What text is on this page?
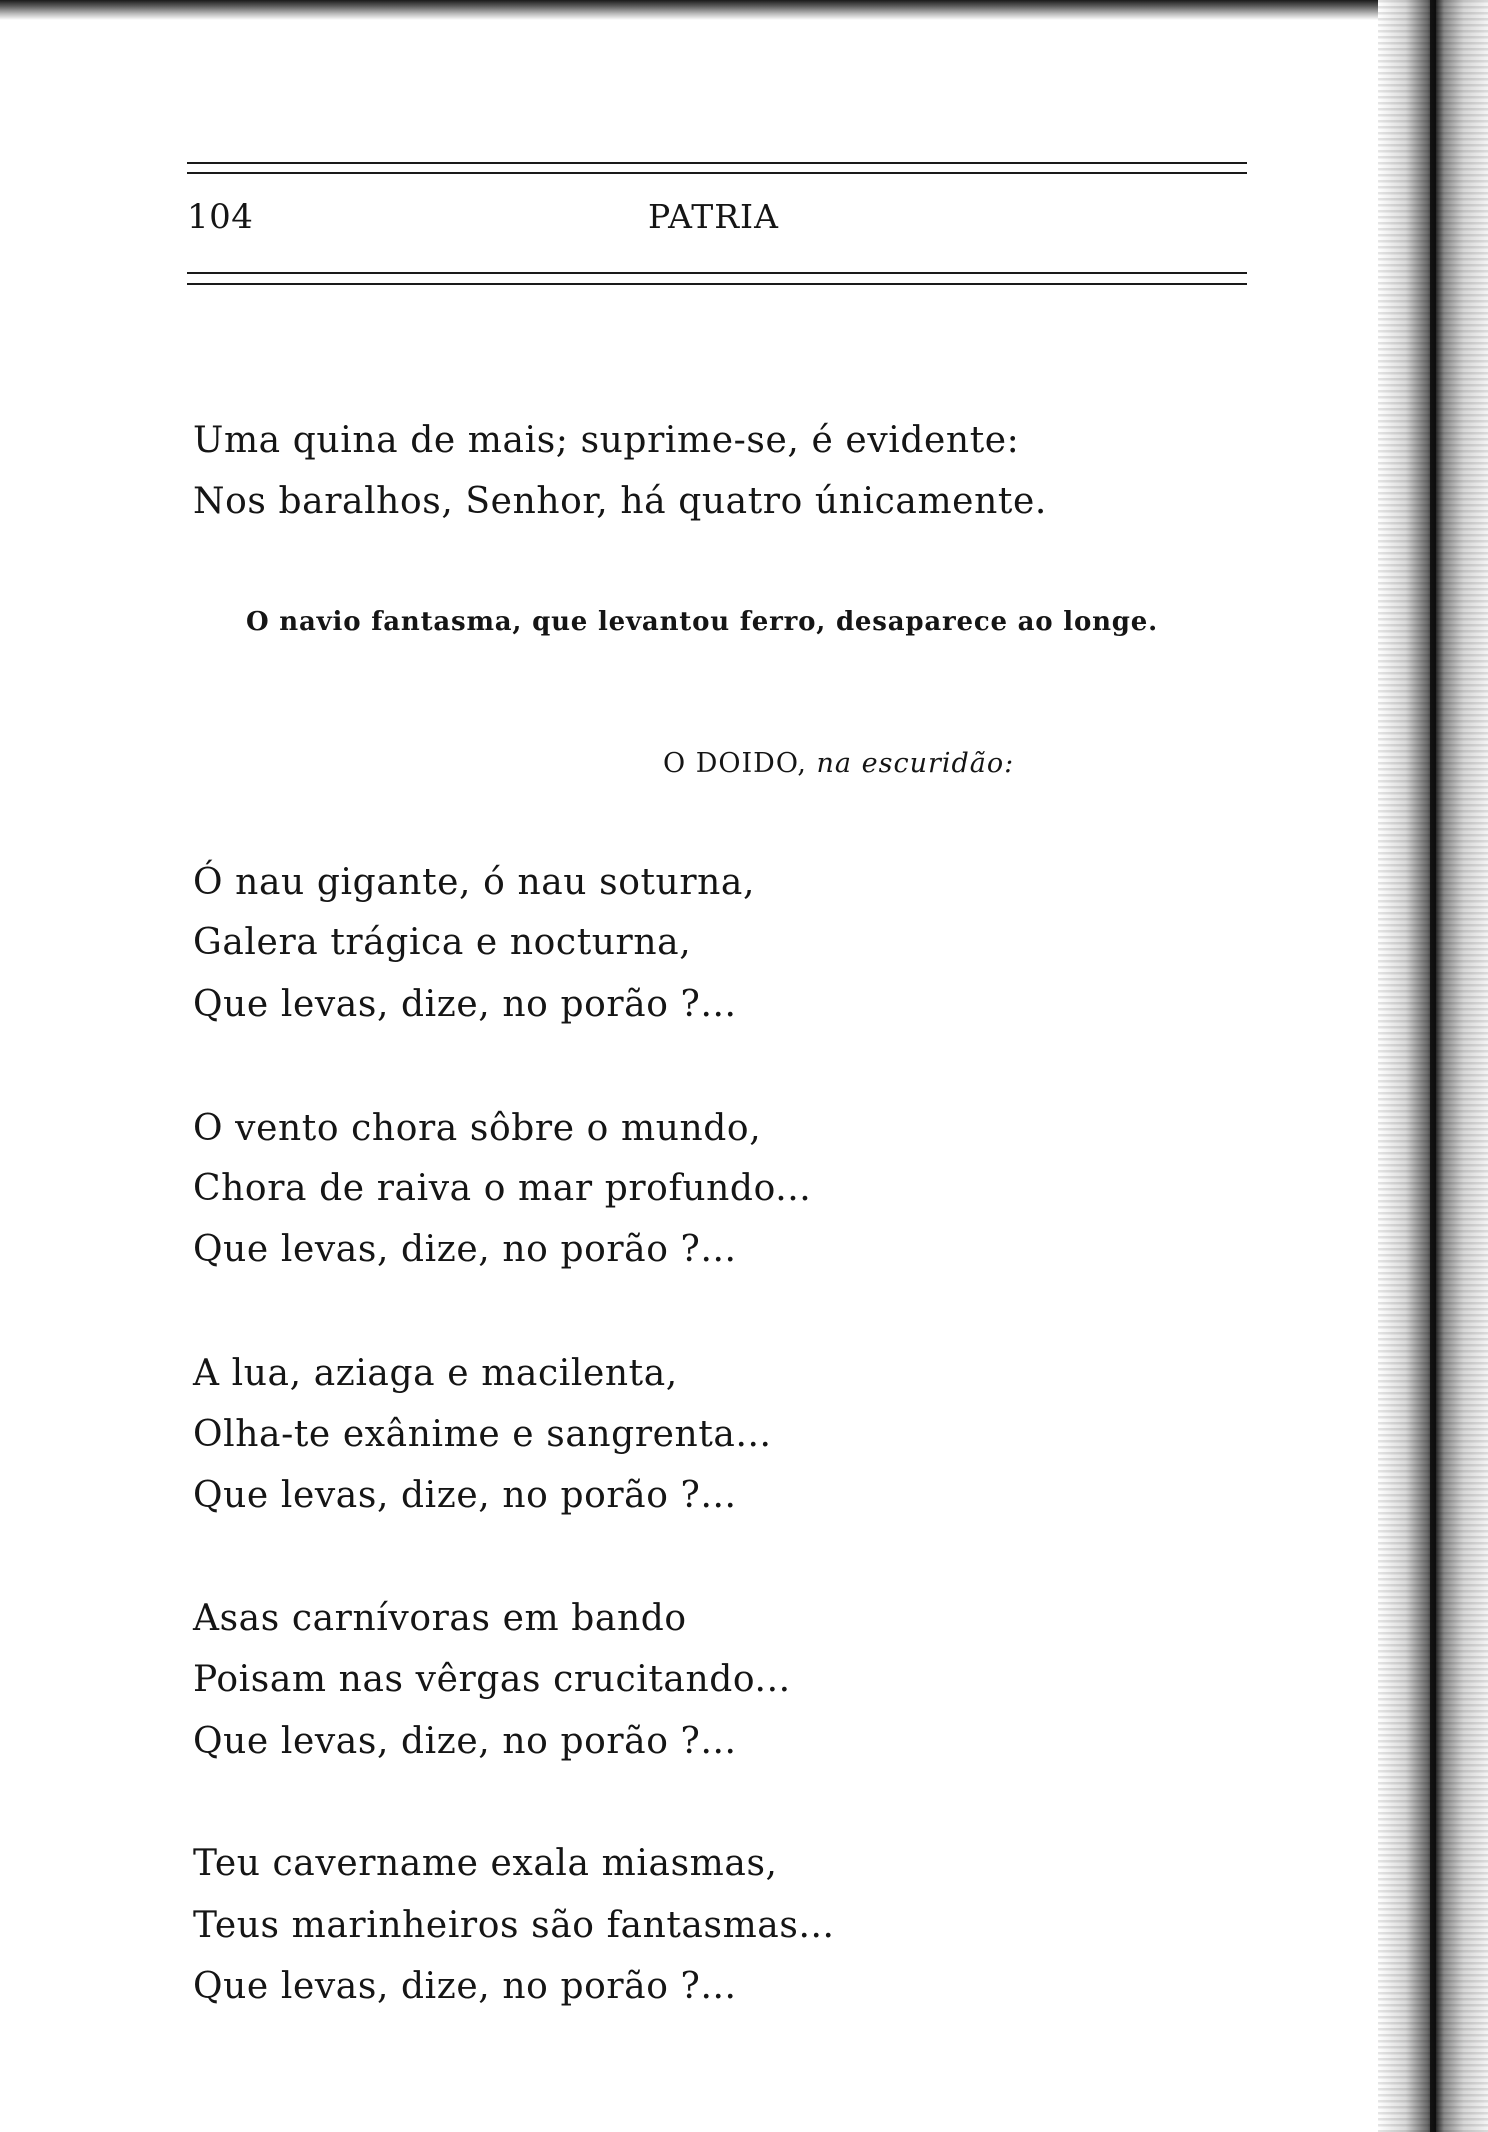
104	PATRIA
Uma quina de mais; suprime-se, é evidente:
Nos baralhos, Senhor, há quatro únicamente.
O navio fantasma, que levantou ferro, desaparece ao longe.
O DOIDO, na escuridão:
Ó nau gigante, ó nau soturna,
Galera trágica e nocturna,
Que levas, dize, no porão ?...
O vento chora sôbre o mundo,
Chora de raiva o mar profundo...
Que levas, dize, no porão ?...
A lua, aziaga e macilenta,
Olha-te exânime e sangrenta...
Que levas, dize, no porão ?...
Asas carnívoras em bando
Poisam nas vêrgas crucitando...
Que levas, dize, no porão ?...
Teu cavername exala miasmas,
Teus marinheiros são fantasmas...
Que levas, dize, no porão ?...
